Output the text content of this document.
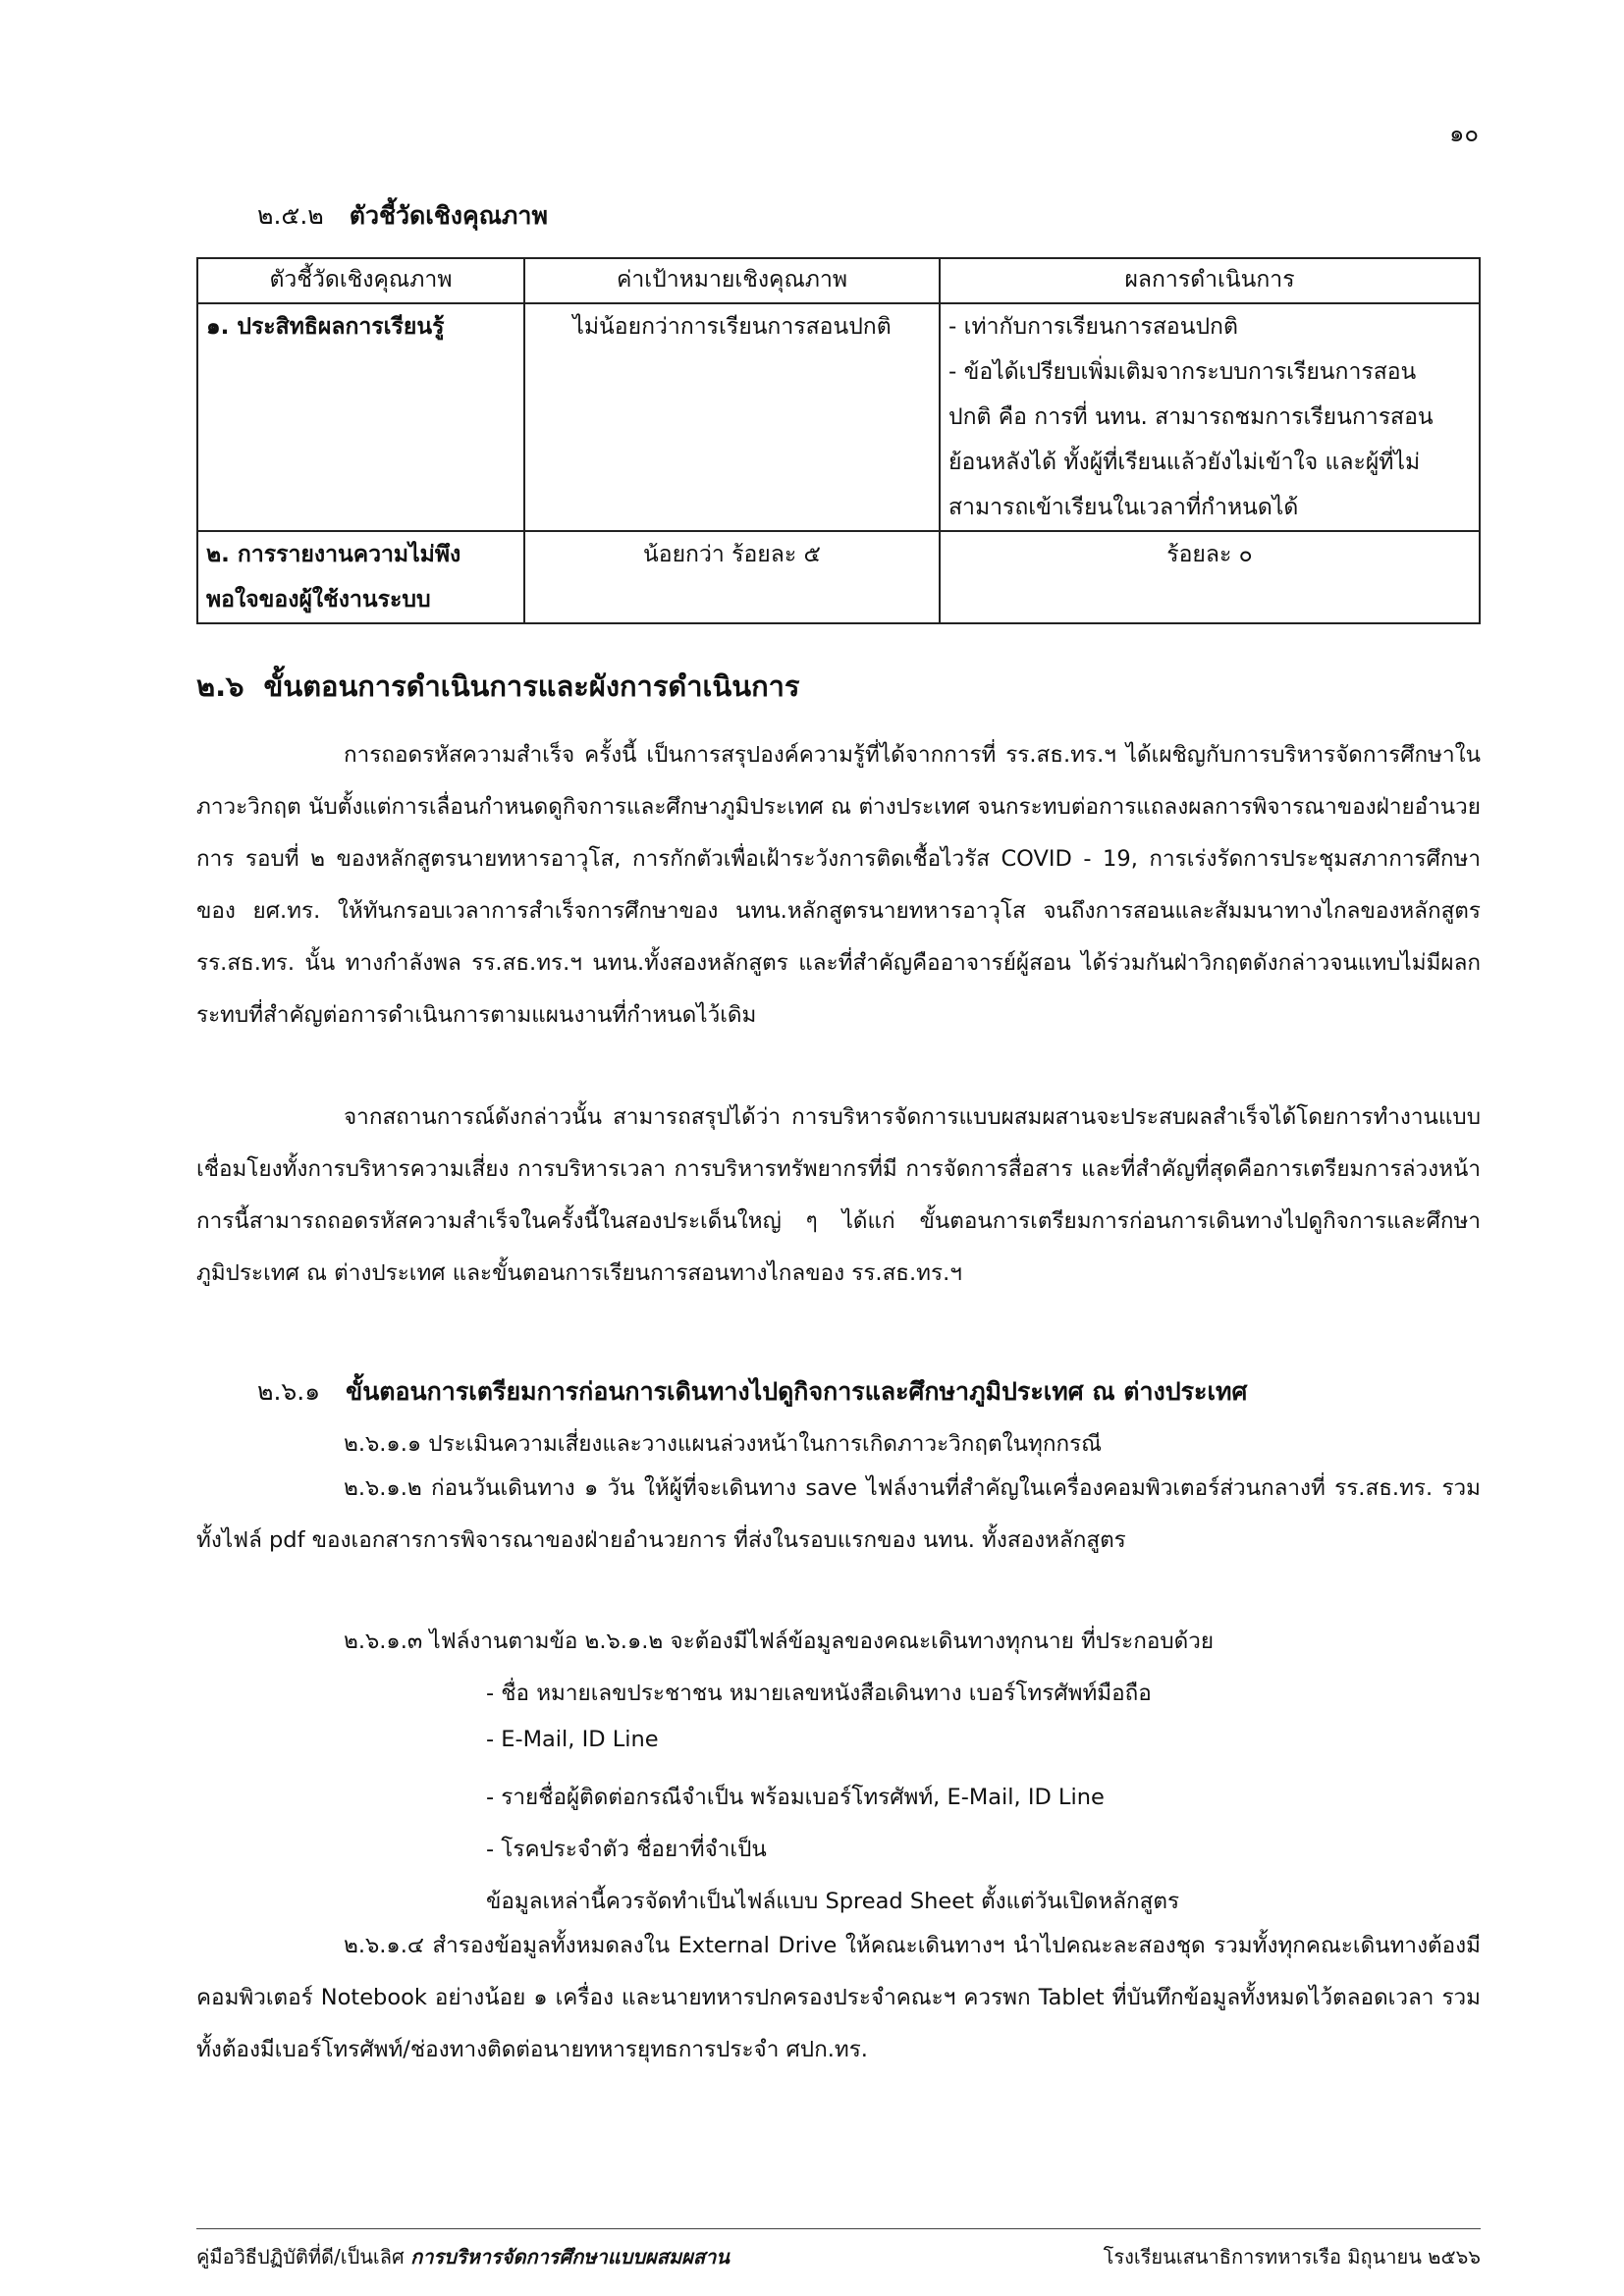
๑๐
๒.๕.๒ ตัวชี้วัดเชิงคุณภาพ
ตัวชี้วัดเชิงคุณภาพ	ค่าเป้าหมายเชิงคุณภาพ	ผลการดำเนินการ
๑. ประสิทธิผลการเรียนรู้	ไม่น้อยกว่าการเรียนการสอนปกติ	- เท่ากับการเรียนการสอนปกติ
- ข้อได้เปรียบเพิ่มเติมจากระบบการเรียนการสอน
ปกติ คือ การที่ นทน. สามารถชมการเรียนการสอน
ย้อนหลังได้ ทั้งผู้ที่เรียนแล้วยังไม่เข้าใจ และผู้ที่ไม่
สามารถเข้าเรียนในเวลาที่กำหนดได้

๒. การรายงานความไม่พึง
พอใจของผู้ใช้งานระบบ	น้อยกว่า ร้อยละ ๕	ร้อยละ ๐
๒.๖ ขั้นตอนการดำเนินการและผังการดำเนินการ

การถอดรหัสความสำเร็จ ครั้งนี้ เป็นการสรุปองค์ความรู้ที่ได้จากการที่ รร.สธ.ทร.ฯ ได้เผชิญกับการบริหารจัดการศึกษาในภาวะวิกฤต นับตั้งแต่การเลื่อนกำหนดดูกิจการและศึกษาภูมิประเทศ ณ ต่างประเทศ จนกระทบต่อการแถลงผลการพิจารณาของฝ่ายอำนวยการ รอบที่ ๒ ของหลักสูตรนายทหารอาวุโส, การกักตัวเพื่อเฝ้าระวังการติดเชื้อไวรัส COVID - 19, การเร่งรัดการประชุมสภาการศึกษาของ ยศ.ทร. ให้ทันกรอบเวลาการสำเร็จการศึกษาของ นทน.หลักสูตรนายทหารอาวุโส จนถึงการสอนและสัมมนาทางไกลของหลักสูตร รร.สธ.ทร. นั้น ทางกำลังพล รร.สธ.ทร.ฯ นทน.ทั้งสองหลักสูตร และที่สำคัญคืออาจารย์ผู้สอน ได้ร่วมกันฝ่าวิกฤตดังกล่าวจนแทบไม่มีผลกระทบที่สำคัญต่อการดำเนินการตามแผนงานที่กำหนดไว้เดิม

จากสถานการณ์ดังกล่าวนั้น สามารถสรุปได้ว่า การบริหารจัดการแบบผสมผสานจะประสบผลสำเร็จได้โดยการทำงานแบบเชื่อมโยงทั้งการบริหารความเสี่ยง การบริหารเวลา การบริหารทรัพยากรที่มี การจัดการสื่อสาร และที่สำคัญที่สุดคือการเตรียมการล่วงหน้า การนี้สามารถถอดรหัสความสำเร็จในครั้งนี้ในสองประเด็นใหญ่ ๆ ได้แก่ ขั้นตอนการเตรียมการก่อนการเดินทางไปดูกิจการและศึกษาภูมิประเทศ ณ ต่างประเทศ และขั้นตอนการเรียนการสอนทางไกลของ รร.สธ.ทร.ฯ

๒.๖.๑ ขั้นตอนการเตรียมการก่อนการเดินทางไปดูกิจการและศึกษาภูมิประเทศ ณ ต่างประเทศ
๒.๖.๑.๑ ประเมินความเสี่ยงและวางแผนล่วงหน้าในการเกิดภาวะวิกฤตในทุกกรณี

๒.๖.๑.๒ ก่อนวันเดินทาง ๑ วัน ให้ผู้ที่จะเดินทาง save ไฟล์งานที่สำคัญในเครื่องคอมพิวเตอร์ส่วนกลางที่ รร.สธ.ทร. รวมทั้งไฟล์ pdf ของเอกสารการพิจารณาของฝ่ายอำนวยการ ที่ส่งในรอบแรกของ นทน. ทั้งสองหลักสูตร

๒.๖.๑.๓ ไฟล์งานตามข้อ ๒.๖.๑.๒ จะต้องมีไฟล์ข้อมูลของคณะเดินทางทุกนาย ที่ประกอบด้วย
- ชื่อ หมายเลขประชาชน หมายเลขหนังสือเดินทาง เบอร์โทรศัพท์มือถือ
- E-Mail, ID Line
- รายชื่อผู้ติดต่อกรณีจำเป็น พร้อมเบอร์โทรศัพท์, E-Mail, ID Line
- โรคประจำตัว ชื่อยาที่จำเป็น
ข้อมูลเหล่านี้ควรจัดทำเป็นไฟล์แบบ Spread Sheet ตั้งแต่วันเปิดหลักสูตร

๒.๖.๑.๔ สำรองข้อมูลทั้งหมดลงใน External Drive ให้คณะเดินทางฯ นำไปคณะละสองชุด รวมทั้งทุกคณะเดินทางต้องมีคอมพิวเตอร์ Notebook อย่างน้อย ๑ เครื่อง และนายทหารปกครองประจำคณะฯ ควรพก Tablet ที่บันทึกข้อมูลทั้งหมดไว้ตลอดเวลา รวมทั้งต้องมีเบอร์โทรศัพท์/ช่องทางติดต่อนายทหารยุทธการประจำ ศปก.ทร.

คู่มือวิธีปฏิบัติที่ดี/เป็นเลิศ การบริหารจัดการศึกษาแบบผสมผสาน	โรงเรียนเสนาธิการทหารเรือ มิถุนายน ๒๕๖๖
